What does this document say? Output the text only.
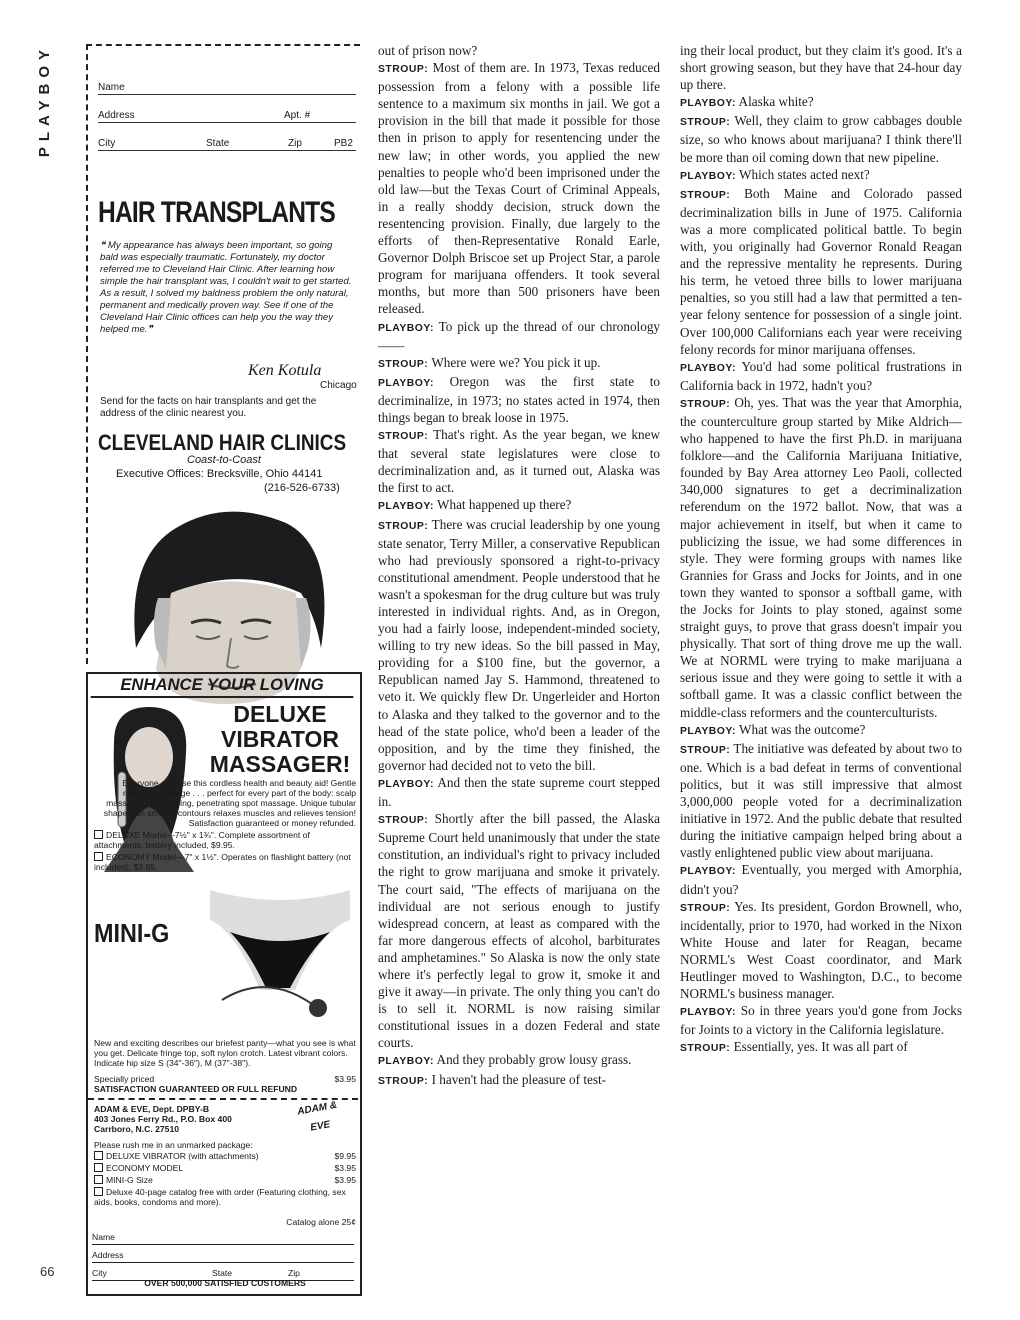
PLAYBOY
66
Name
Address	Apt. #
City	State	Zip	PB2
HAIR TRANSPLANTS
❝ My appearance has always been important, so going bald was especially traumatic. Fortunately, my doctor referred me to Cleveland Hair Clinic. After learning how simple the hair transplant was, I couldn't wait to get started. As a result, I solved my baldness problem the only natural, permanent and medically proven way. See if one of the Cleveland Hair Clinic offices can help you the way they helped me.❞
Ken Kotula
Chicago
Send for the facts on hair transplants and get the address of the clinic nearest you.
CLEVELAND HAIR CLINICS
Coast-to-Coast
Executive Offices: Brecksville, Ohio 44141
(216-526-6733)
ENHANCE YOUR LOVING
DELUXE
VIBRATOR
MASSAGER!
Everyone can use this cordless health and beauty aid! Gentle relaxing massage . . . perfect for every part of the body: scalp massage, facial toning, penetrating spot massage. Unique tubular shape with smooth contours relaxes muscles and relieves tension! Satisfaction guaranteed or money refunded.
DELUXE Model—7½" x 1¾". Complete assortment of attachments, battery included, $9.95.
ECONOMY Model—7" x 1½". Operates on flashlight battery (not included), $3.95.
MINI-G
New and exciting describes our briefest panty—what you see is what you get. Delicate fringe top, soft nylon crotch. Latest vibrant colors. Indicate hip size S (34"-36"), M (37"-38").
Specially priced	$3.95
SATISFACTION GUARANTEED OR FULL REFUND
ADAM & EVE, Dept. DPBY-B
403 Jones Ferry Rd., P.O. Box 400
Carrboro, N.C. 27510
ADAM & EVE
Please rush me in an unmarked package:
DELUXE VIBRATOR (with attachments)	$9.95
ECONOMY MODEL	$3.95
MINI-G Size	$3.95
Deluxe 40-page catalog free with order (Featuring clothing, sex aids, books, condoms and more).
Catalog alone 25¢
Name
Address
City	State	Zip
OVER 500,000 SATISFIED CUSTOMERS

out of prison now?

STROUP: Most of them are. In 1973, Texas reduced possession from a felony with a possible life sentence to a maximum six months in jail. We got a provision in the bill that made it possible for those then in prison to apply for resentencing under the new law; in other words, you applied the new penalties to people who'd been imprisoned under the old law—but the Texas Court of Criminal Appeals, in a really shoddy decision, struck down the resentencing provision. Finally, due largely to the efforts of then-Representative Ronald Earle, Governor Dolph Briscoe set up Project Star, a parole program for marijuana offenders. It took several months, but more than 500 prisoners have been released.

PLAYBOY: To pick up the thread of our chronology——

STROUP: Where were we? You pick it up.

PLAYBOY: Oregon was the first state to decriminalize, in 1973; no states acted in 1974, then things began to break loose in 1975.

STROUP: That's right. As the year began, we knew that several state legislatures were close to decriminalization and, as it turned out, Alaska was the first to act.

PLAYBOY: What happened up there?

STROUP: There was crucial leadership by one young state senator, Terry Miller, a conservative Republican who had previously sponsored a right-to-privacy constitutional amendment. People understood that he wasn't a spokesman for the drug culture but was truly interested in individual rights. And, as in Oregon, you had a fairly loose, independent-minded society, willing to try new ideas. So the bill passed in May, providing for a $100 fine, but the governor, a Republican named Jay S. Hammond, threatened to veto it. We quickly flew Dr. Ungerleider and Horton to Alaska and they talked to the governor and to the head of the state police, who'd been a leader of the opposition, and by the time they finished, the governor had decided not to veto the bill.

PLAYBOY: And then the state supreme court stepped in.

STROUP: Shortly after the bill passed, the Alaska Supreme Court held unanimously that under the state constitution, an individual's right to privacy included the right to grow marijuana and smoke it privately. The court said, "The effects of marijuana on the individual are not serious enough to justify widespread concern, at least as compared with the far more dangerous effects of alcohol, barbiturates and amphetamines." So Alaska is now the only state where it's perfectly legal to grow it, smoke it and give it away—in private. The only thing you can't do is to sell it. NORML is now raising similar constitutional issues in a dozen Federal and state courts.

PLAYBOY: And they probably grow lousy grass.

STROUP: I haven't had the pleasure of test-

ing their local product, but they claim it's good. It's a short growing season, but they have that 24-hour day up there.

PLAYBOY: Alaska white?

STROUP: Well, they claim to grow cabbages double size, so who knows about marijuana? I think there'll be more than oil coming down that new pipeline.

PLAYBOY: Which states acted next?

STROUP: Both Maine and Colorado passed decriminalization bills in June of 1975. California was a more complicated political battle. To begin with, you originally had Governor Ronald Reagan and the repressive mentality he represents. During his term, he vetoed three bills to lower marijuana penalties, so you still had a law that permitted a ten-year felony sentence for possession of a single joint. Over 100,000 Californians each year were receiving felony records for minor marijuana offenses.

PLAYBOY: You'd had some political frustrations in California back in 1972, hadn't you?

STROUP: Oh, yes. That was the year that Amorphia, the counterculture group started by Mike Aldrich—who happened to have the first Ph.D. in marijuana folklore—and the California Marijuana Initiative, founded by Bay Area attorney Leo Paoli, collected 340,000 signatures to get a decriminalization referendum on the 1972 ballot. Now, that was a major achievement in itself, but when it came to publicizing the issue, we had some differences in style. They were forming groups with names like Grannies for Grass and Jocks for Joints, and in one town they wanted to sponsor a softball game, with the Jocks for Joints to play stoned, against some straight guys, to prove that grass doesn't impair you physically. That sort of thing drove me up the wall. We at NORML were trying to make marijuana a serious issue and they were going to settle it with a softball game. It was a classic conflict between the middle-class reformers and the counterculturists.

PLAYBOY: What was the outcome?

STROUP: The initiative was defeated by about two to one. Which is a bad defeat in terms of conventional politics, but it was still impressive that almost 3,000,000 people voted for a decriminalization initiative in 1972. And the public debate that resulted during the initiative campaign helped bring about a vastly enlightened public view about marijuana.

PLAYBOY: Eventually, you merged with Amorphia, didn't you?

STROUP: Yes. Its president, Gordon Brownell, who, incidentally, prior to 1970, had worked in the Nixon White House and later for Reagan, became NORML's West Coast coordinator, and Mark Heutlinger moved to Washington, D.C., to become NORML's business manager.

PLAYBOY: So in three years you'd gone from Jocks for Joints to a victory in the California legislature.

STROUP: Essentially, yes. It was all part of
